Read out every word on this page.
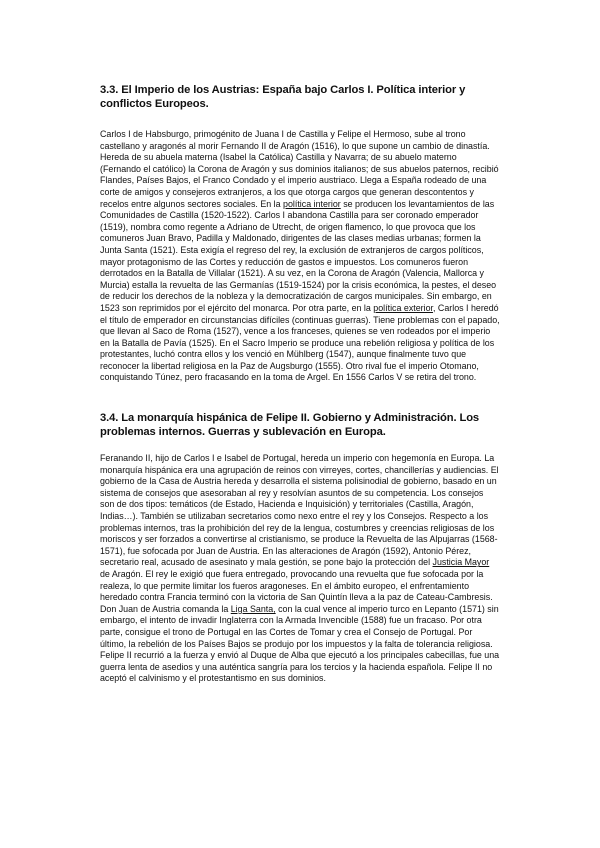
3.3. El Imperio de los Austrias: España bajo Carlos I. Política interior y conflictos Europeos.

Carlos I de Habsburgo, primogénito de Juana I de Castilla y Felipe el Hermoso, sube al trono castellano y aragonés al morir Fernando II de Aragón (1516), lo que supone un cambio de dinastía. Hereda de su abuela materna (Isabel la Católica) Castilla y Navarra; de su abuelo materno (Fernando el católico) la Corona de Aragón y sus dominios italianos; de sus abuelos paternos, recibió Flandes, Países Bajos, el Franco Condado y el imperio austriaco. Llega a España rodeado de una corte de amigos y consejeros extranjeros, a los que otorga cargos que generan descontentos y recelos entre algunos sectores sociales. En la política interior se producen los levantamientos de las Comunidades de Castilla (1520-1522). Carlos I abandona Castilla para ser coronado emperador (1519), nombra como regente a Adriano de Utrecht, de origen flamenco, lo que provoca que los comuneros Juan Bravo, Padilla y Maldonado, dirigentes de las clases medias urbanas; formen la Junta Santa (1521). Esta exigía el regreso del rey, la exclusión de extranjeros de cargos políticos, mayor protagonismo de las Cortes y reducción de gastos e impuestos. Los comuneros fueron derrotados en la Batalla de Villalar (1521). A su vez, en la Corona de Aragón (Valencia, Mallorca y Murcia) estalla la revuelta de las Germanías (1519-1524) por la crisis económica, la pestes, el deseo de reducir los derechos de la nobleza y la democratización de cargos municipales. Sin embargo, en 1523 son reprimidos por el ejército del monarca. Por otra parte, en la política exterior, Carlos I heredó el título de emperador en circunstancias difíciles (continuas guerras). Tiene problemas con el papado, que llevan al Saco de Roma (1527), vence a los franceses, quienes se ven rodeados por el imperio en la Batalla de Pavía (1525). En el Sacro Imperio se produce una rebelión religiosa y política de los protestantes, luchó contra ellos y los venció en Mühlberg (1547), aunque finalmente tuvo que reconocer la libertad religiosa en la Paz de Augsburgo (1555). Otro rival fue el imperio Otomano, conquistando Túnez, pero fracasando en la toma de Argel. En 1556 Carlos V se retira del trono.

3.4. La monarquía hispánica de Felipe II. Gobierno y Administración. Los problemas internos. Guerras y sublevación en Europa.

Feranando II, hijo de Carlos I e Isabel de Portugal, hereda un imperio con hegemonía en Europa. La monarquía hispánica era una agrupación de reinos con virreyes, cortes, chancillerías y audiencias. El gobierno de la Casa de Austria hereda y desarrolla el sistema polisinodial de gobierno, basado en un sistema de consejos que asesoraban al rey y resolvían asuntos de su competencia. Los consejos son de dos tipos: temáticos (de Estado, Hacienda e Inquisición) y territoriales (Castilla, Aragón, Indias…). También se utilizaban secretarios como nexo entre el rey y los Consejos. Respecto a los problemas internos, tras la prohibición del rey de la lengua, costumbres y creencias religiosas de los moriscos y ser forzados a convertirse al cristianismo, se produce la Revuelta de las Alpujarras (1568-1571), fue sofocada por Juan de Austria. En las alteraciones de Aragón (1592), Antonio Pérez, secretario real, acusado de asesinato y mala gestión, se pone bajo la protección del Justicia Mayor de Aragón. El rey le exigió que fuera entregado, provocando una revuelta que fue sofocada por la realeza, lo que permite limitar los fueros aragoneses. En el ámbito europeo, el enfrentamiento heredado contra Francia terminó con la victoria de San Quintín lleva a la paz de Cateau-Cambresis. Don Juan de Austria comanda la Liga Santa, con la cual vence al imperio turco en Lepanto (1571) sin embargo, el intento de invadir Inglaterra con la Armada Invencible (1588) fue un fracaso. Por otra parte, consigue el trono de Portugal en las Cortes de Tomar y crea el Consejo de Portugal. Por último, la rebelión de los Países Bajos se produjo por los impuestos y la falta de tolerancia religiosa. Felipe II recurrió a la fuerza y envió al Duque de Alba que ejecutó a los principales cabecillas, fue una guerra lenta de asedios y una auténtica sangría para los tercios y la hacienda española. Felipe II no aceptó el calvinismo y el protestantismo en sus dominios.
